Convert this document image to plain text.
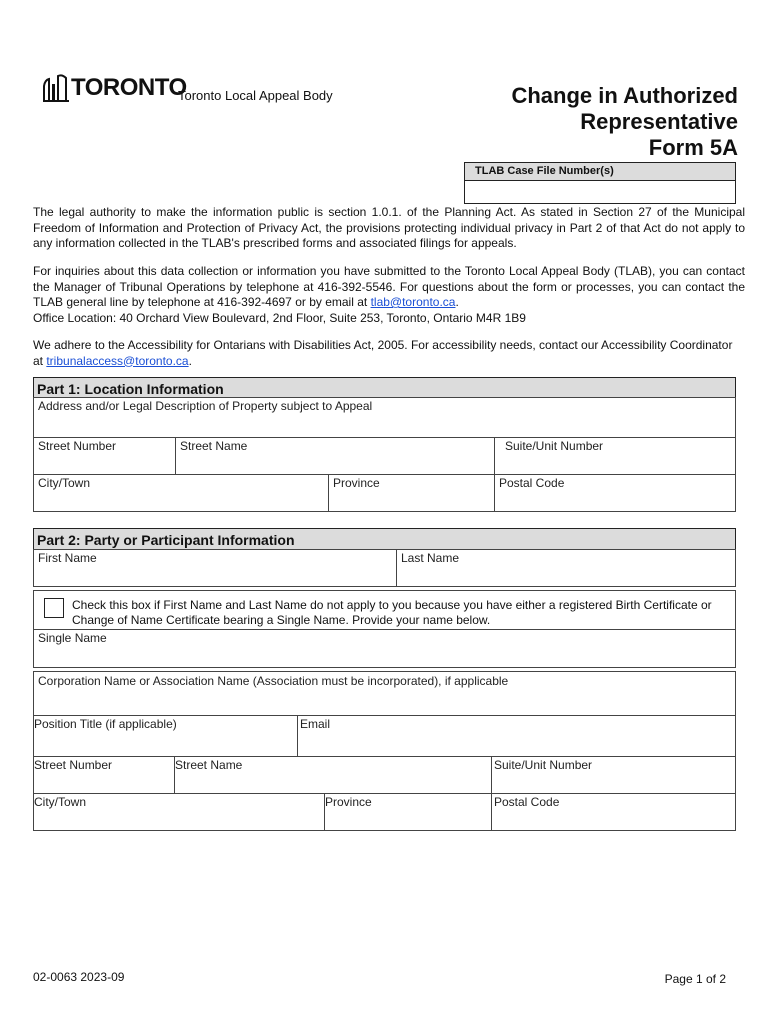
TORONTO
Toronto Local Appeal Body	Change in Authorized
Representative
Form 5A
TLAB Case File Number(s)
The legal authority to make the information public is section 1.0.1. of the Planning Act. As stated in Section 27 of the Municipal Freedom of Information and Protection of Privacy Act, the provisions protecting individual privacy in Part 2 of that Act do not apply to any information collected in the TLAB's prescribed forms and associated filings for appeals.
For inquiries about this data collection or information you have submitted to the Toronto Local Appeal Body (TLAB), you can contact the Manager of Tribunal Operations by telephone at 416-392-5546. For questions about the form or processes, you can contact the TLAB general line by telephone at 416-392-4697 or by email at tlab@toronto.ca.
Office Location: 40 Orchard View Boulevard, 2nd Floor, Suite 253, Toronto, Ontario M4R 1B9
We adhere to the Accessibility for Ontarians with Disabilities Act, 2005. For accessibility needs, contact our Accessibility Coordinator at tribunalaccess@toronto.ca.
Part 1: Location Information
Address and/or Legal Description of Property subject to Appeal
Street Number	Street Name	Suite/Unit Number
City/Town	Province	Postal Code
Part 2: Party or Participant Information
First Name	Last Name
Check this box if First Name and Last Name do not apply to you because you have either a registered Birth Certificate or Change of Name Certificate bearing a Single Name. Provide your name below.
Single Name
Corporation Name or Association Name (Association must be incorporated), if applicable
Position Title (if applicable)	Email
Street Number	Street Name	Suite/Unit Number
City/Town	Province	Postal Code
02-0063 2023-09	Page 1 of 2
